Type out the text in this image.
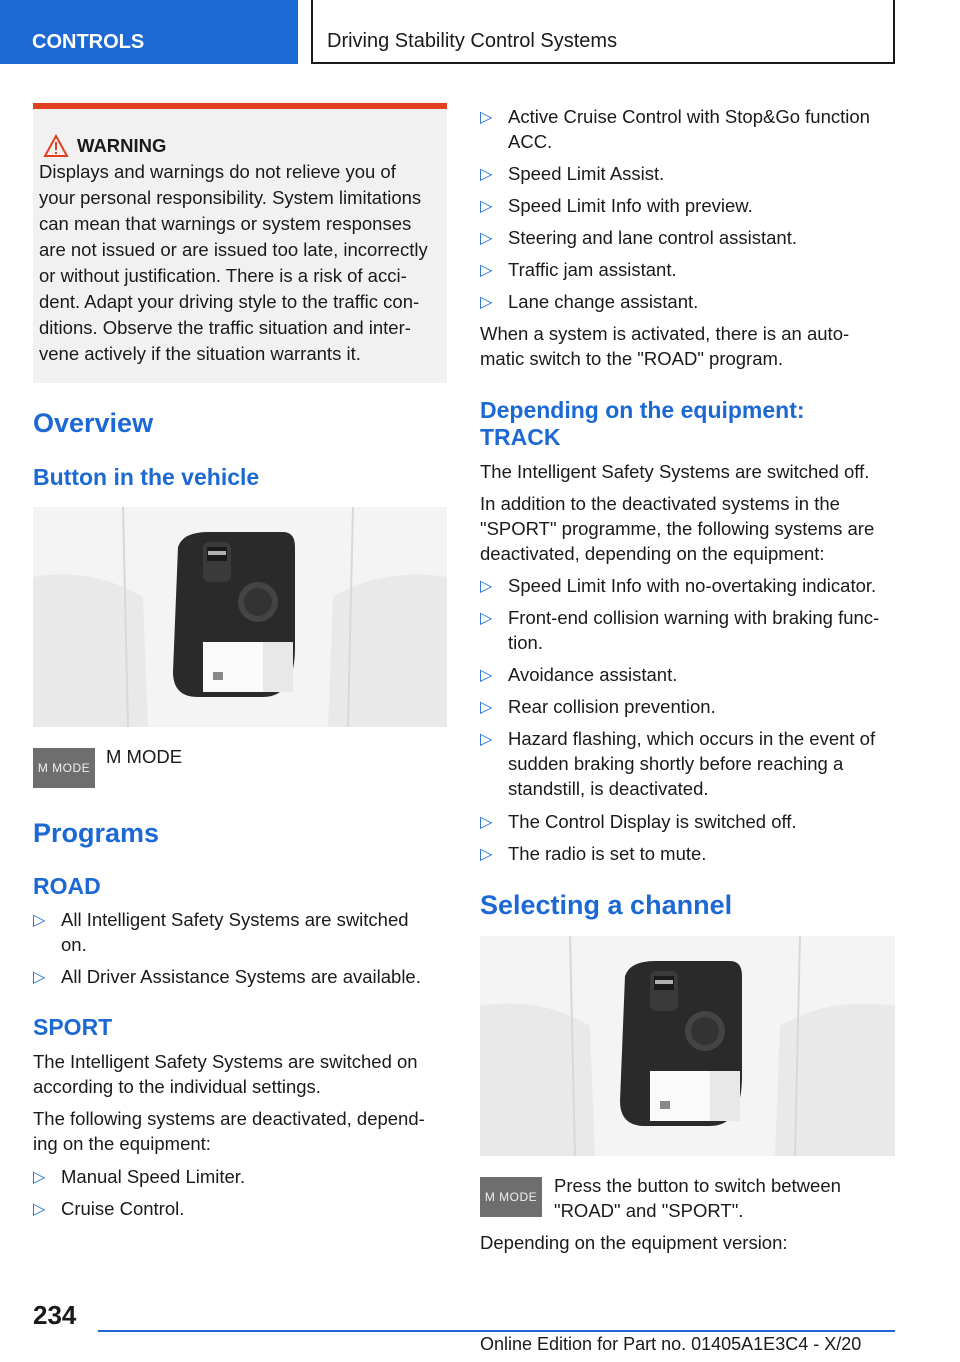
CONTROLS	Driving Stability Control Systems
WARNING
Displays and warnings do not relieve you of
your personal responsibility. System limitations
can mean that warnings or system responses
are not issued or are issued too late, incorrectly
or without justification. There is a risk of acci-
dent. Adapt your driving style to the traffic con-
ditions. Observe the traffic situation and inter-
vene actively if the situation warrants it.
Overview
Button in the vehicle
M MODE
M MODE
Programs
ROAD
▷ All Intelligent Safety Systems are switched
on.
▷ All Driver Assistance Systems are available.
SPORT
The Intelligent Safety Systems are switched on
according to the individual settings.
The following systems are deactivated, depend-
ing on the equipment:
▷ Manual Speed Limiter.
▷ Cruise Control.
▷ Active Cruise Control with Stop&Go function
ACC.
▷ Speed Limit Assist.
▷ Speed Limit Info with preview.
▷ Steering and lane control assistant.
▷ Traffic jam assistant.
▷ Lane change assistant.
When a system is activated, there is an auto-
matic switch to the "ROAD" program.
Depending on the equipment:
TRACK
The Intelligent Safety Systems are switched off.
In addition to the deactivated systems in the
"SPORT" programme, the following systems are
deactivated, depending on the equipment:
▷ Speed Limit Info with no-overtaking indicator.
▷ Front-end collision warning with braking func-
tion.
▷ Avoidance assistant.
▷ Rear collision prevention.
▷ Hazard flashing, which occurs in the event of
sudden braking shortly before reaching a
standstill, is deactivated.
▷ The Control Display is switched off.
▷ The radio is set to mute.
Selecting a channel
M MODE
Press the button to switch between
"ROAD" and "SPORT".
Depending on the equipment version:
234
Online Edition for Part no. 01405A1E3C4 - X/20
